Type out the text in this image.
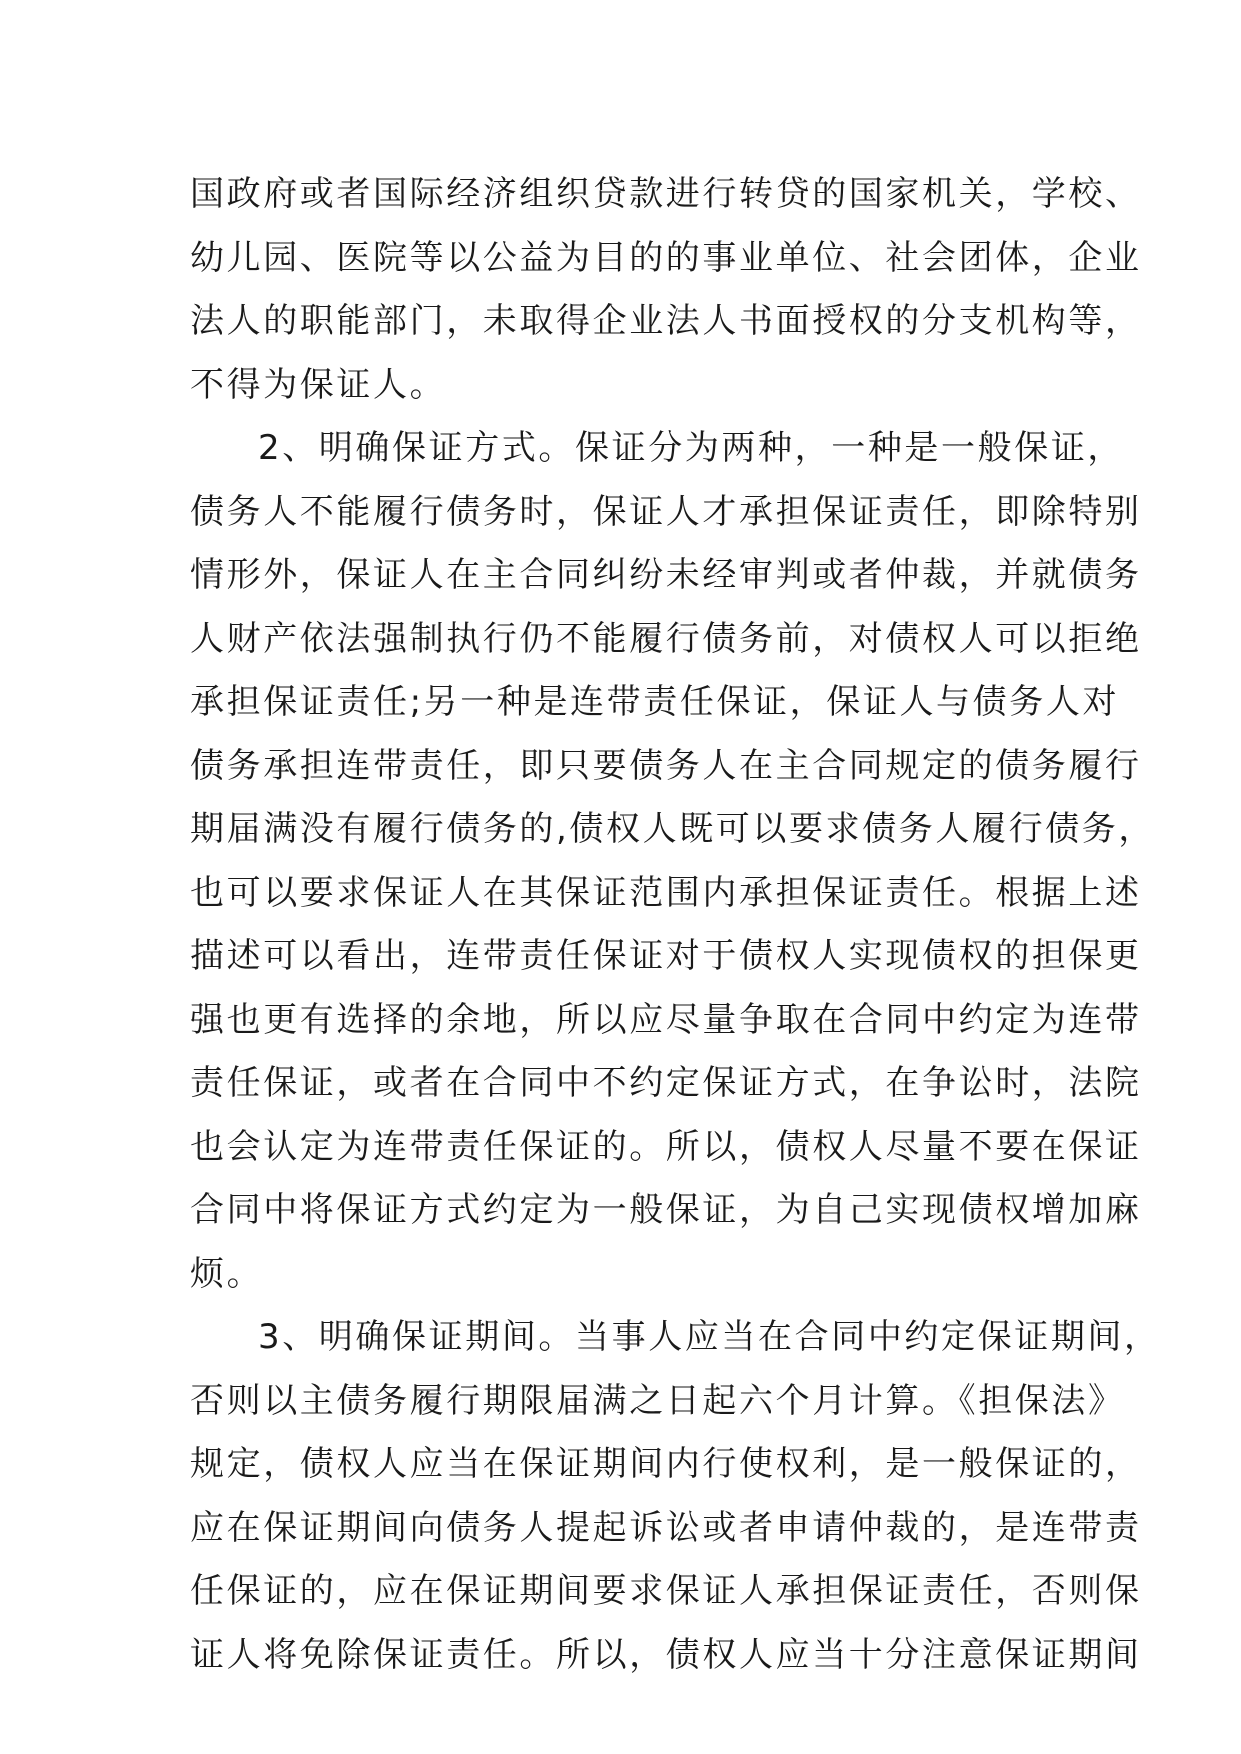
国政府或者国际经济组织贷款进行转贷的国家机关，学校、
幼儿园、医院等以公益为目的的事业单位、社会团体，企业
法人的职能部门，未取得企业法人书面授权的分支机构等，
不得为保证人。
2、明确保证方式。保证分为两种，一种是一般保证，
债务人不能履行债务时，保证人才承担保证责任，即除特别
情形外，保证人在主合同纠纷未经审判或者仲裁，并就债务
人财产依法强制执行仍不能履行债务前，对债权人可以拒绝
承担保证责任;另一种是连带责任保证，保证人与债务人对
债务承担连带责任，即只要债务人在主合同规定的债务履行
期届满没有履行债务的,债权人既可以要求债务人履行债务，
也可以要求保证人在其保证范围内承担保证责任。根据上述
描述可以看出，连带责任保证对于债权人实现债权的担保更
强也更有选择的余地，所以应尽量争取在合同中约定为连带
责任保证，或者在合同中不约定保证方式，在争讼时，法院
也会认定为连带责任保证的。所以，债权人尽量不要在保证
合同中将保证方式约定为一般保证，为自己实现债权增加麻
烦。
3、明确保证期间。当事人应当在合同中约定保证期间，
否则以主债务履行期限届满之日起六个月计算。《担保法》
规定，债权人应当在保证期间内行使权利，是一般保证的，
应在保证期间向债务人提起诉讼或者申请仲裁的，是连带责
任保证的，应在保证期间要求保证人承担保证责任，否则保
证人将免除保证责任。所以，债权人应当十分注意保证期间
